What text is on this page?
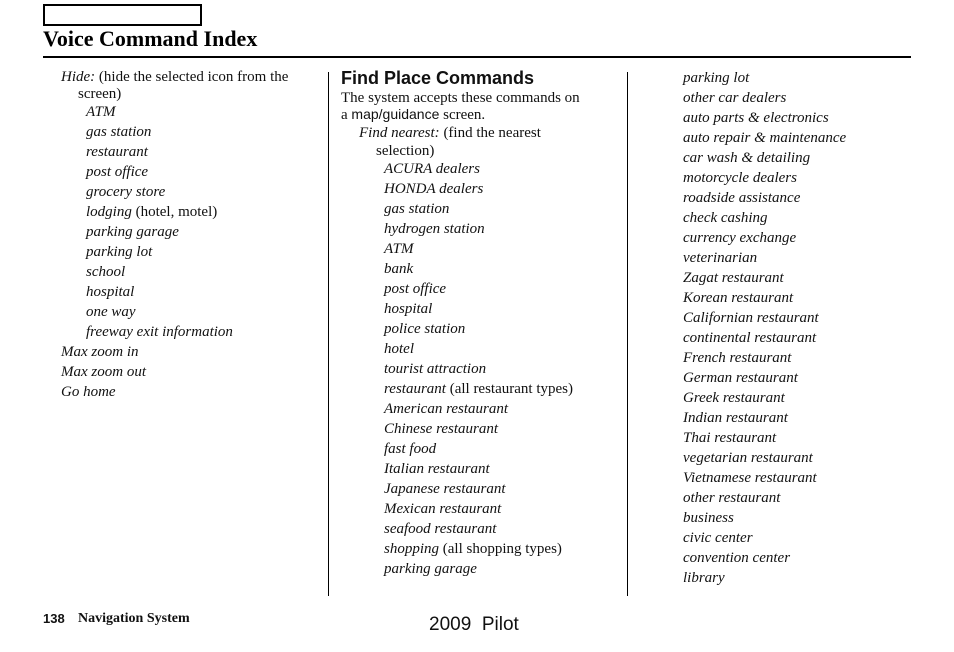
Voice Command Index
Hide: (hide the selected icon from the
screen)
ATM
gas station
restaurant
post office
grocery store
lodging (hotel, motel)
parking garage
parking lot
school
hospital
one way
freeway exit information
Max zoom in
Max zoom out
Go home
Find Place Commands
The system accepts these commands on
a map/guidance screen.
Find nearest: (find the nearest
selection)
ACURA dealers
HONDA dealers
gas station
hydrogen station
ATM
bank
post office
hospital
police station
hotel
tourist attraction
restaurant (all restaurant types)
American restaurant
Chinese restaurant
fast food
Italian restaurant
Japanese restaurant
Mexican restaurant
seafood restaurant
shopping (all shopping types)
parking garage
parking lot
other car dealers
auto parts & electronics
auto repair & maintenance
car wash & detailing
motorcycle dealers
roadside assistance
check cashing
currency exchange
veterinarian
Zagat restaurant
Korean restaurant
Californian restaurant
continental restaurant
French restaurant
German restaurant
Greek restaurant
Indian restaurant
Thai restaurant
vegetarian restaurant
Vietnamese restaurant
other restaurant
business
civic center
convention center
library
138 Navigation System	2009  Pilot
